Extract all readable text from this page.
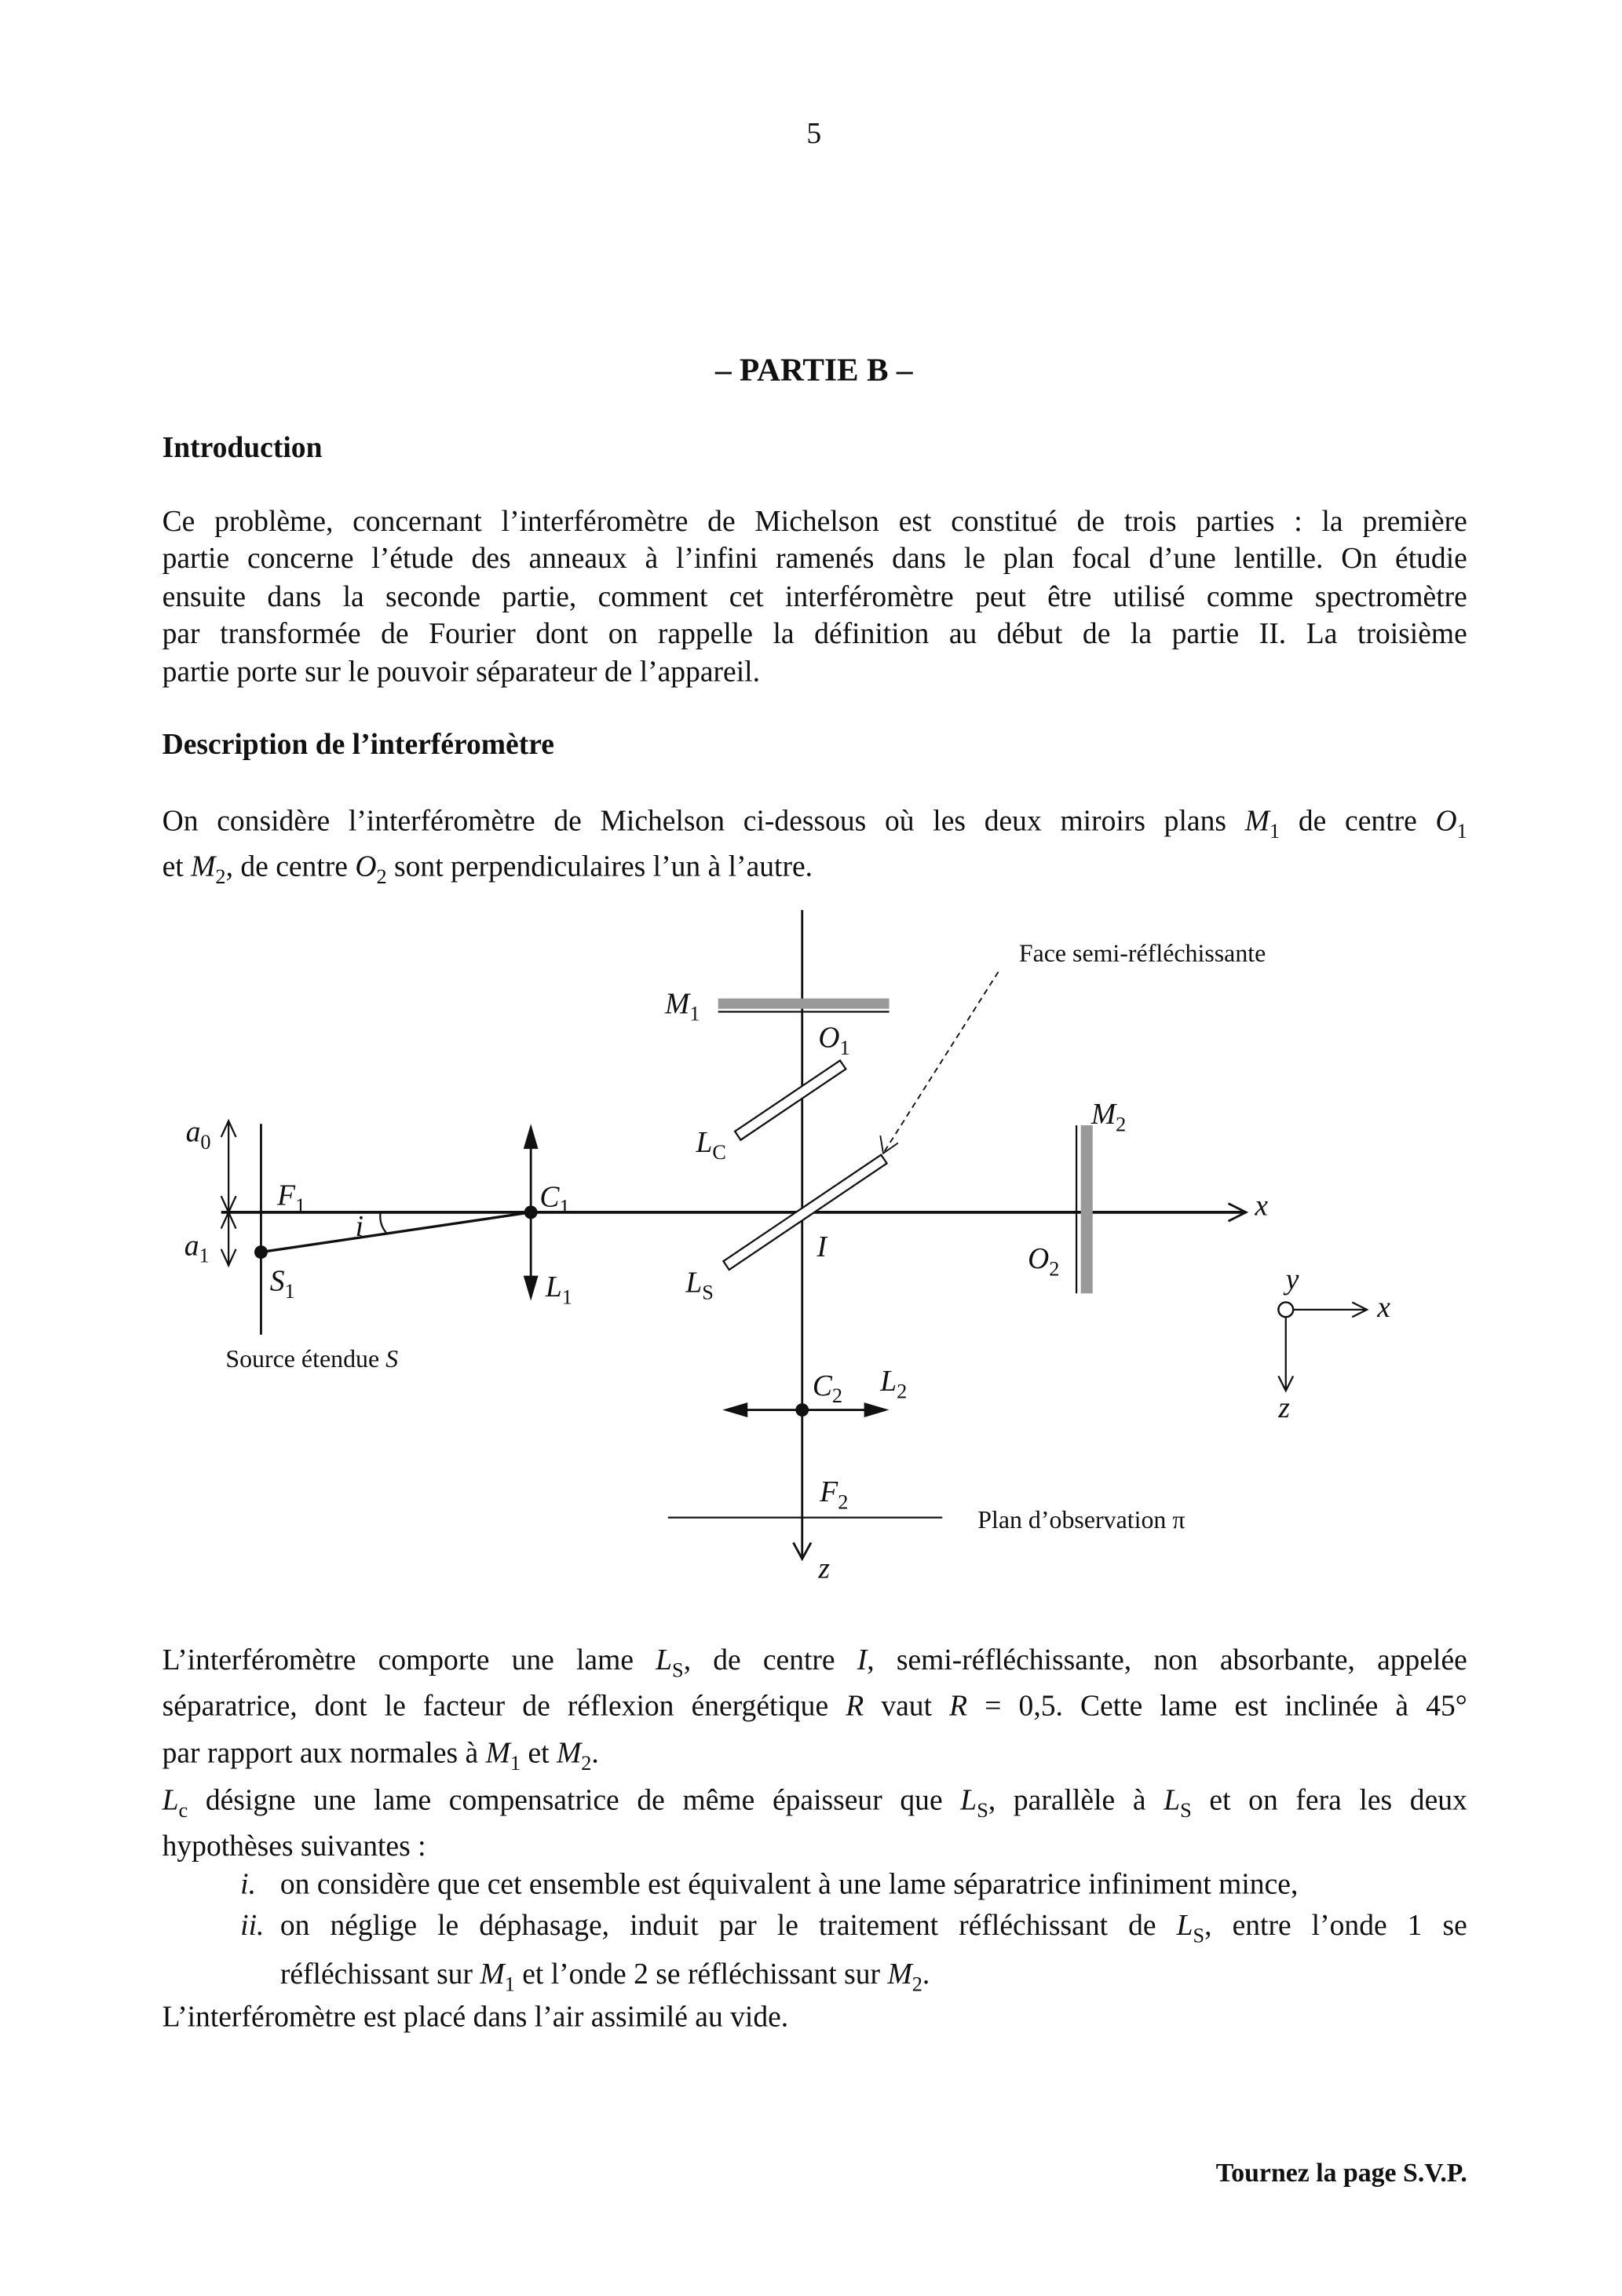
5
– PARTIE B –
Introduction
Description de l’interféromètre
Ce problème, concernant l’interféromètre de Michelson est constitué de trois parties : la première
partie concerne l’étude des anneaux à l’infini ramenés dans le plan focal d’une lentille. On étudie
ensuite dans la seconde partie, comment cet interféromètre peut être utilisé comme spectromètre
par transformée de Fourier dont on rappelle la définition au début de la partie II. La troisième
partie porte sur le pouvoir séparateur de l’appareil.
On considère l’interféromètre de Michelson ci-dessous où les deux miroirs plans $M_1$ de centre $O_1$
et $M_2$, de centre $O_2$ sont perpendiculaires l’un à l’autre.
L’interféromètre comporte une lame $L_S$, de centre I, semi-réfléchissante, non absorbante, appelée
séparatrice, dont le facteur de réflexion énergétique R vaut R = 0,5. Cette lame est inclinée à 45°
par rapport aux normales à $M_1$ et $M_2$.
$L_c$ désigne une lame compensatrice de même épaisseur que $L_S$, parallèle à $L_S$ et on fera les deux
hypothèses suivantes :
i. on considère que cet ensemble est équivalent à une lame séparatrice infiniment mince,
ii. on néglige le déphasage, induit par le traitement réfléchissant de $L_S$, entre l’onde 1 se
réfléchissant sur $M_1$ et l’onde 2 se réfléchissant sur $M_2$.
L’interféromètre est placé dans l’air assimilé au vide.
$M_1$
$O_1$
$L_C$
$L_S$
I
$M_2$
$O_2$
x
z
$a_0$
$a_1$
$F_1$
$S_1$
i
$C_1$
$L_1$
$C_2$ $L_2$
$F_2$
x
y
z
Face semi-réfléchissante
Source étendue S
Plan d’observation π
Tournez la page S.V.P.
